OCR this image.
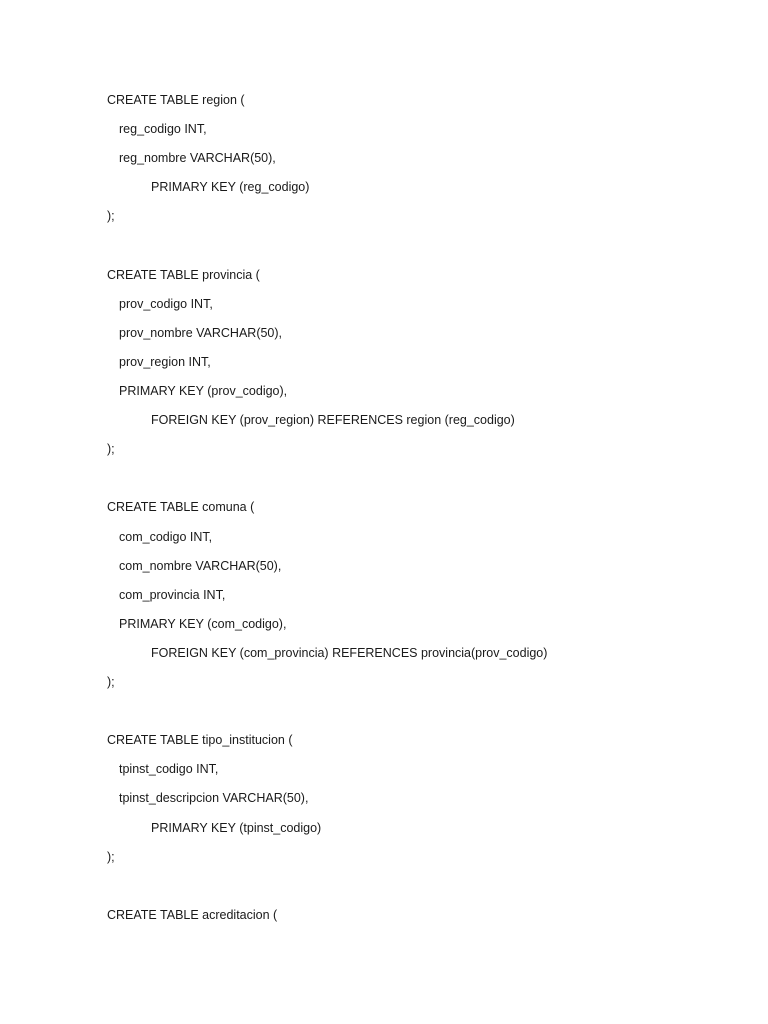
CREATE TABLE region (
reg_codigo INT,
reg_nombre VARCHAR(50),
PRIMARY KEY (reg_codigo)
);
CREATE TABLE provincia (
prov_codigo INT,
prov_nombre VARCHAR(50),
prov_region INT,
PRIMARY KEY (prov_codigo),
FOREIGN KEY (prov_region) REFERENCES region (reg_codigo)
);
CREATE TABLE comuna (
com_codigo INT,
com_nombre VARCHAR(50),
com_provincia INT,
PRIMARY KEY (com_codigo),
FOREIGN KEY (com_provincia) REFERENCES provincia(prov_codigo)
);
CREATE TABLE tipo_institucion (
tpinst_codigo INT,
tpinst_descripcion VARCHAR(50),
PRIMARY KEY (tpinst_codigo)
);
CREATE TABLE acreditacion (
